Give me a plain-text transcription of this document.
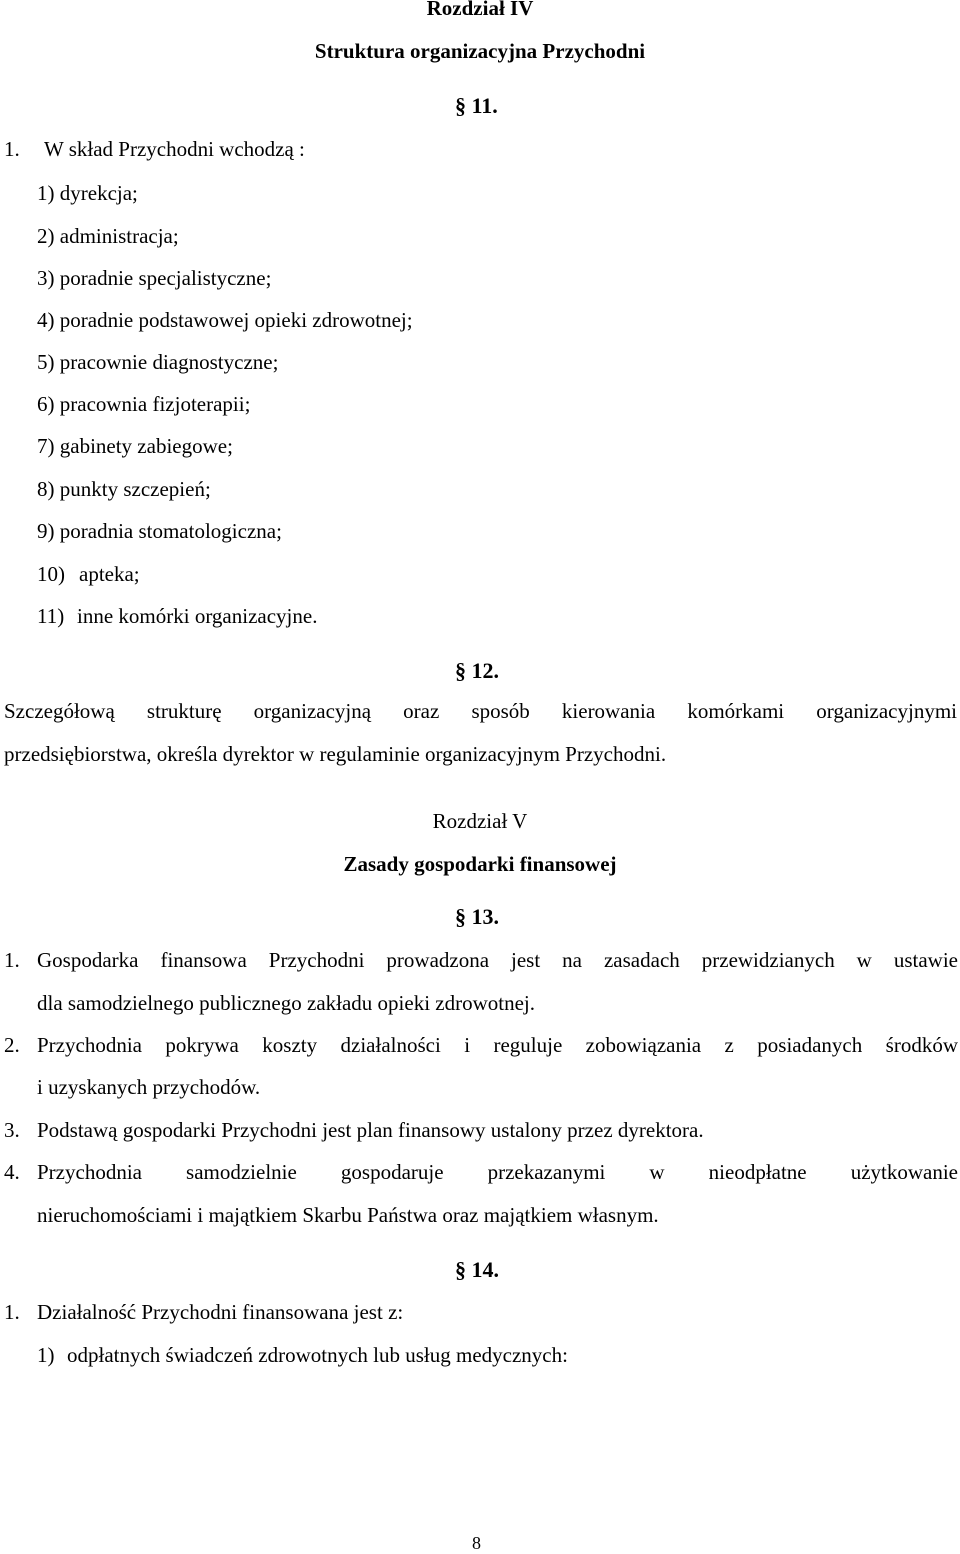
Rozdział IV
Struktura organizacyjna Przychodni
§ 11.
1. W skład Przychodni wchodzą :
1) dyrekcja;
2) administracja;
3) poradnie specjalistyczne;
4) poradnie podstawowej opieki zdrowotnej;
5) pracownie diagnostyczne;
6) pracownia fizjoterapii;
7) gabinety zabiegowe;
8) punkty szczepień;
9) poradnia stomatologiczna;
10) apteka;
11) inne komórki organizacyjne.
§ 12.
Szczegółową strukturę organizacyjną oraz sposób kierowania komórkami organizacyjnymi
przedsiębiorstwa, określa dyrektor w regulaminie organizacyjnym Przychodni.
Rozdział V
Zasady gospodarki finansowej
§ 13.
1. Gospodarka finansowa Przychodni prowadzona jest na zasadach przewidzianych w ustawie
dla samodzielnego publicznego zakładu opieki zdrowotnej.
2. Przychodnia pokrywa koszty działalności i reguluje zobowiązania z posiadanych środków
i uzyskanych przychodów.
3. Podstawą gospodarki Przychodni jest plan finansowy ustalony przez dyrektora.
4. Przychodnia samodzielnie gospodaruje przekazanymi w nieodpłatne użytkowanie
nieruchomościami i majątkiem Skarbu Państwa oraz majątkiem własnym.
§ 14.
1. Działalność Przychodni finansowana jest z:
1) odpłatnych świadczeń zdrowotnych lub usług medycznych:
8
